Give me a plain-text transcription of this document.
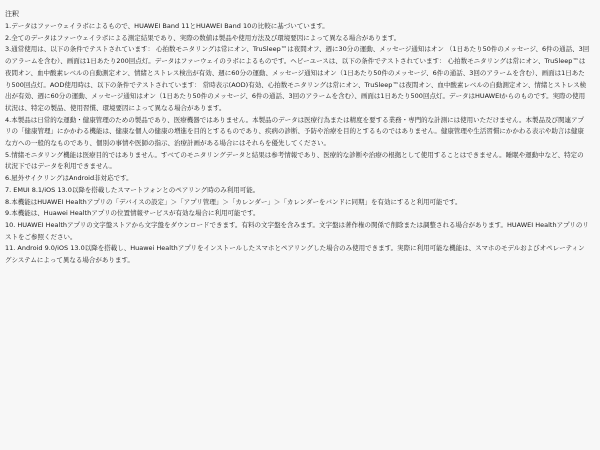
注釈

1.データはファーウェイラボによるもので、HUAWEI Band 11とHUAWEI Band 10の比較に基づいています。

2.全てのデータはファーウェイラボによる測定結果であり、実際の数値は製品や使用方法及び環境要因によって異なる場合があります。

3.通常使用は、以下の条件でテストされています： 心拍数モニタリングは常にオン、TruSleep™は夜間オフ、週に30分の運動、メッセージ通知はオン （1日あたり50件のメッセージ、6件の通話、3回のアラームを含む）、画面は1日あたり200回点灯。データはファーウェイのラボによるものです。ヘビーユースは、以下の条件でテストされています： 心拍数モニタリングは常にオン、TruSleep™は夜間オン、血中酸素レベルの自動測定オン、情緒とストレス検出が有効、週に60分の運動、メッセージ通知はオン（1日あたり50件のメッセージ、6件の通話、3回のアラームを含む）、画面は1日あたり500回点灯。AOD使用時は、以下の条件でテストされています： 常時表示(AOD)有効、心拍数モニタリングは常にオン、TruSleep™は夜間オン、血中酸素レベルの自動測定オン、情緒とストレス検出が有効、週に60分の運動、メッセージ通知はオン（1日あたり50件のメッセージ、6件の通話、3回のアラームを含む）、画面は1日あたり500回点灯。データはHUAWEIからのものです。実際の使用状況は、特定の製品、使用習慣、環境要因によって異なる場合があります。

4.本製品は日常的な運動・健康管理のための製品であり、医療機器ではありません。本製品のデータは医療行為または精度を要する業務・専門的な計測には使用いただけません。本製品及び関連アプリの「健康管理」にかかわる機能は、健康な個人の健康の増進を目的とするものであり、疾病の診断、予防や治療を目的とするものではありません。健康管理や生活習慣にかかわる表示や助言は健康な方への一般的なものであり、個別の事情や医師の指示、治療計画がある場合にはそれらを優先してください。

5.情緒モニタリング機能は医療目的ではありません。すべてのモニタリングデータと結果は参考情報であり、医療的な診断や治療の根拠として使用することはできません。睡眠や運動中など、特定の状況下ではデータを利用できません。

6.屋外サイクリングはAndroid非対応です。

7. EMUI 8.1/iOS 13.0以降を搭載したスマートフォンとのペアリング時のみ利用可能。

8.本機能はHUAWEI Healthアプリの「デバイスの設定」＞「アプリ管理」＞「カレンダー」＞「カレンダーをバンドに同期」を有効にすると利用可能です。

9.本機能は、Huawei Healthアプリの位置情報サービスが有効な場合に利用可能です。

10. HUAWEI Healthアプリの文字盤ストアから文字盤をダウンロードできます。有料の文字盤を含みます。文字盤は著作権の関係で削除または調整される場合があります。HUAWEI Healthアプリのリストをご参照ください。

11. Android 9.0/iOS 13.0以降を搭載し、Huawei Healthアプリをインストールしたスマホとペアリングした場合のみ使用できます。実際に利用可能な機能は、スマホのモデルおよびオペレーティングシステムによって異なる場合があります。
